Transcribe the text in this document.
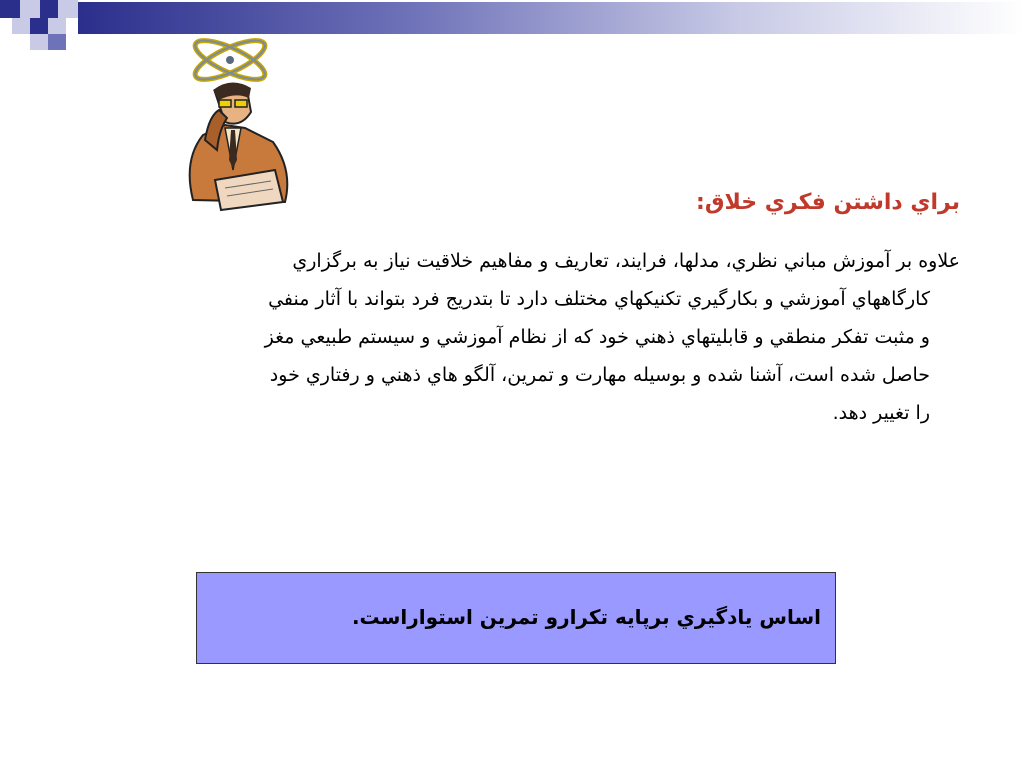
براي داشتن فکري خلاق:
علاوه بر آموزش مباني نظري، مدلها، فرايند، تعاريف و مفاهيم خلاقيت نياز به برگزاري
کارگاههاي آموزشي و بکارگيري تکنيکهاي مختلف دارد تا بتدريج فرد بتواند با آثار منفي
و مثبت تفکر منطقي و قابليتهاي ذهني خود که از نظام آموزشي و سيستم طبيعي مغز
حاصل شده است، آشنا شده و بوسيله مهارت و تمرين، آلگو هاي ذهني و رفتاري خود
را تغيير دهد.
اساس يادگيري برپايه تکرارو تمرين استواراست.
